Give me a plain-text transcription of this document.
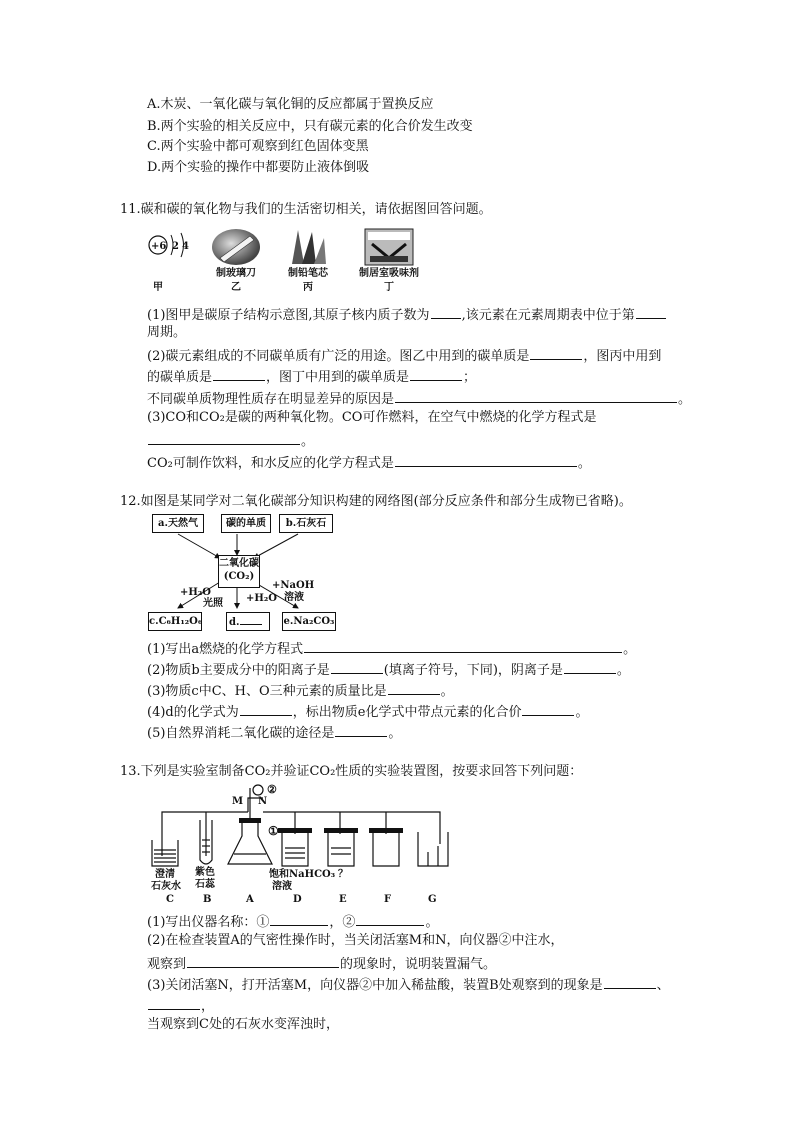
A.木炭、一氧化碳与氧化铜的反应都属于置换反应
B.两个实验的相关反应中，只有碳元素的化合价发生改变
C.两个实验中都可观察到红色固体变黑
D.两个实验的操作中都要防止液体倒吸
11.碳和碳的氧化物与我们的生活密切相关，请依据图回答问题。
+6 2 4
甲
制玻璃刀
乙
制铅笔芯
丙
制居室吸味剂
丁
(1)图甲是碳原子结构示意图,其原子核内质子数为 ,该元素在元素周期表中位于第
周期。
(2)碳元素组成的不同碳单质有广泛的用途。图乙中用到的碳单质是	，图丙中用到
的碳单质是	，图丁中用到的碳单质是	；
不同碳单质物理性质存在明显差异的原因是	。
(3)CO和CO₂是碳的两种氧化物。CO可作燃料，在空气中燃烧的化学方程式是
。
CO₂可制作饮料，和水反应的化学方程式是	。
12.如图是某同学对二氧化碳部分知识构建的网络图(部分反应条件和部分生成物已省略)。
a.天然气	碳的单质	b.石灰石
二氧化碳
(CO₂)
+H₂O
光照 +H₂O
+NaOH
溶液
c.C₆H₁₂O₆	d.	e.Na₂CO₃
(1)写出a燃烧的化学方程式	。
(2)物质b主要成分中的阳离子是	(填离子符号，下同)，阴离子是	。
(3)物质c中C、H、O三种元素的质量比是	。
(4)d的化学式为	，标出物质e化学式中带点元素的化合价	。
(5)自然界消耗二氧化碳的途径是	。
13.下列是实验室制备CO₂并验证CO₂性质的实验装置图，按要求回答下列问题：
M N
②
①
澄清
石灰水
紫色
石蕊
饱和NaHCO₃
溶液
？
C	B	A	D	E	F	G
(1)写出仪器名称：①	，②	。
(2)在检查装置A的气密性操作时，当关闭活塞M和N，向仪器②中注水，
观察到	的现象时，说明装置漏气。
(3)关闭活塞N，打开活塞M，向仪器②中加入稀盐酸，装置B处观察到的现象是	、
，
当观察到C处的石灰水变浑浊时，
